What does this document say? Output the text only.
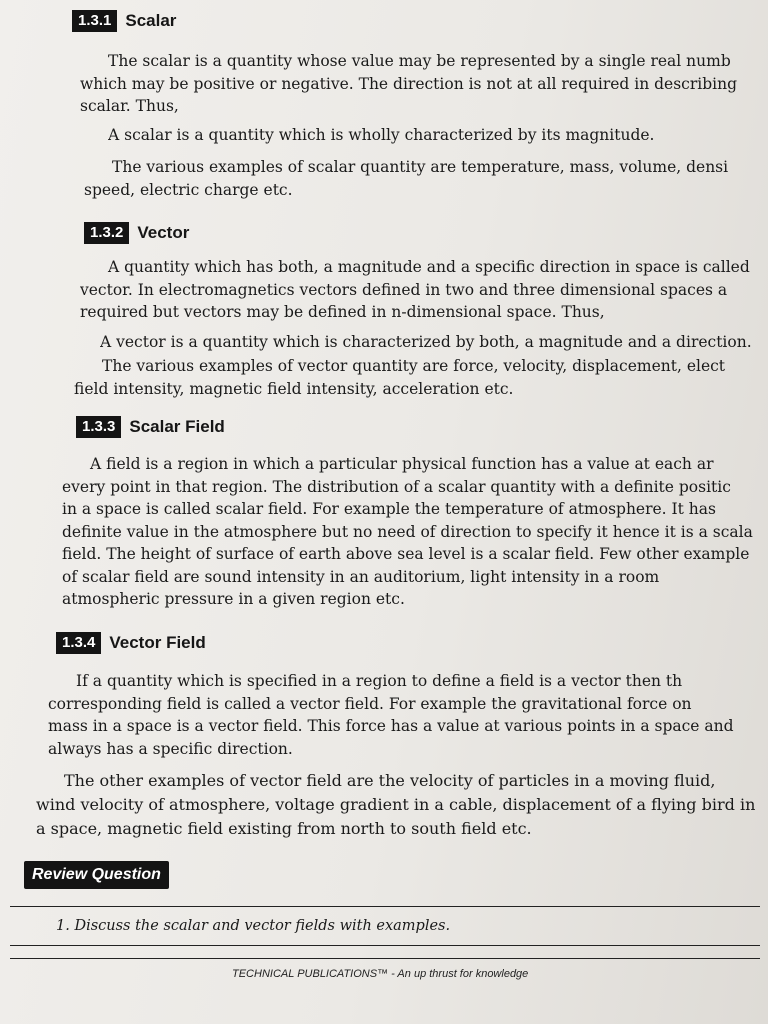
1.3.1 Scalar

The scalar is a quantity whose value may be represented by a single real numb

which may be positive or negative. The direction is not at all required in describing

scalar. Thus,

A scalar is a quantity which is wholly characterized by its magnitude.

The various examples of scalar quantity are temperature, mass, volume, densi

speed, electric charge etc.

1.3.2 Vector

A quantity which has both, a magnitude and a specific direction in space is called

vector. In electromagnetics vectors defined in two and three dimensional spaces a

required but vectors may be defined in n-dimensional space. Thus,

A vector is a quantity which is characterized by both, a magnitude and a direction.

The various examples of vector quantity are force, velocity, displacement, elect

field intensity, magnetic field intensity, acceleration etc.

1.3.3 Scalar Field

A field is a region in which a particular physical function has a value at each ar

every point in that region. The distribution of a scalar quantity with a definite positic

in a space is called scalar field. For example the temperature of atmosphere. It has

definite value in the atmosphere but no need of direction to specify it hence it is a scala

field. The height of surface of earth above sea level is a scalar field. Few other example

of scalar field are sound intensity in an auditorium, light intensity in a room

atmospheric pressure in a given region etc.

1.3.4 Vector Field

If a quantity which is specified in a region to define a field is a vector then th

corresponding field is called a vector field. For example the gravitational force on

mass in a space is a vector field. This force has a value at various points in a space and

always has a specific direction.

The other examples of vector field are the velocity of particles in a moving fluid,

wind velocity of atmosphere, voltage gradient in a cable, displacement of a flying bird in

a space, magnetic field existing from north to south field etc.

Review Question

1. Discuss the scalar and vector fields with examples.

TECHNICAL PUBLICATIONS™ - An up thrust for knowledge
